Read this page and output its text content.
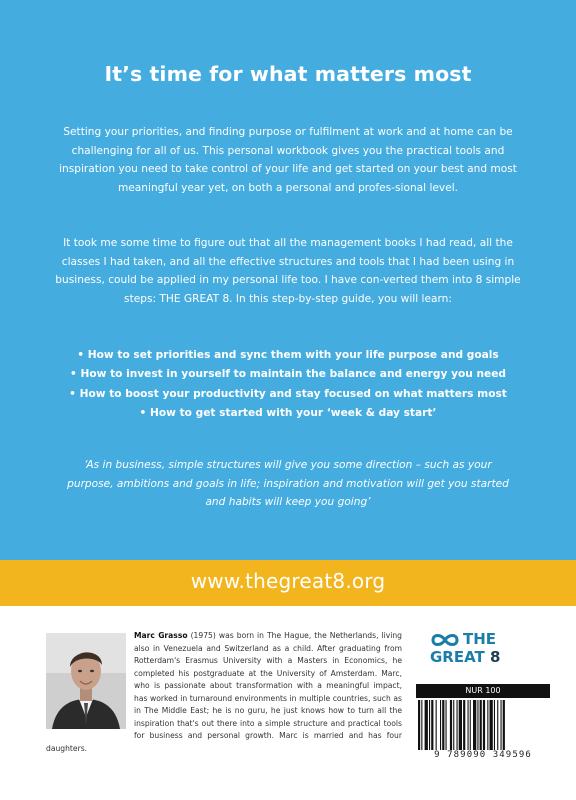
It’s time for what matters most
Setting your priorities, and finding purpose or fulfilment at work and at home can be challenging for all of us. This personal workbook gives you the practical tools and inspiration you need to take control of your life and get started on your best and most meaningful year yet, on both a personal and profes-sional level.
It took me some time to figure out that all the management books I had read, all the classes I had taken, and all the effective structures and tools that I had been using in business, could be applied in my personal life too. I have con-verted them into 8 simple steps: THE GREAT 8. In this step-by-step guide, you will learn:
• How to set priorities and sync them with your life purpose and goals
• How to invest in yourself to maintain the balance and energy you need
• How to boost your productivity and stay focused on what matters most
• How to get started with your ‘week & day start’
‘As in business, simple structures will give you some direction – such as your purpose, ambitions and goals in life; inspiration and motivation will get you started and habits will keep you going’
www.thegreat8.org

Marc Grasso (1975) was born in The Hague, the Netherlands, living also in Venezuela and Switzerland as a child. After graduating from Rotterdam's Erasmus University with a Masters in Economics, he completed his postgraduate at the University of Amsterdam. Marc, who is passionate about transformation with a meaningful impact, has worked in turnaround environments in multiple countries, such as in The Middle East; he is no guru, he just knows how to turn all the inspiration that's out there into a simple structure and practical tools for business and personal growth. Marc is married and has four daughters.

THE
GREAT 8
NUR 100
9 789090 349596
